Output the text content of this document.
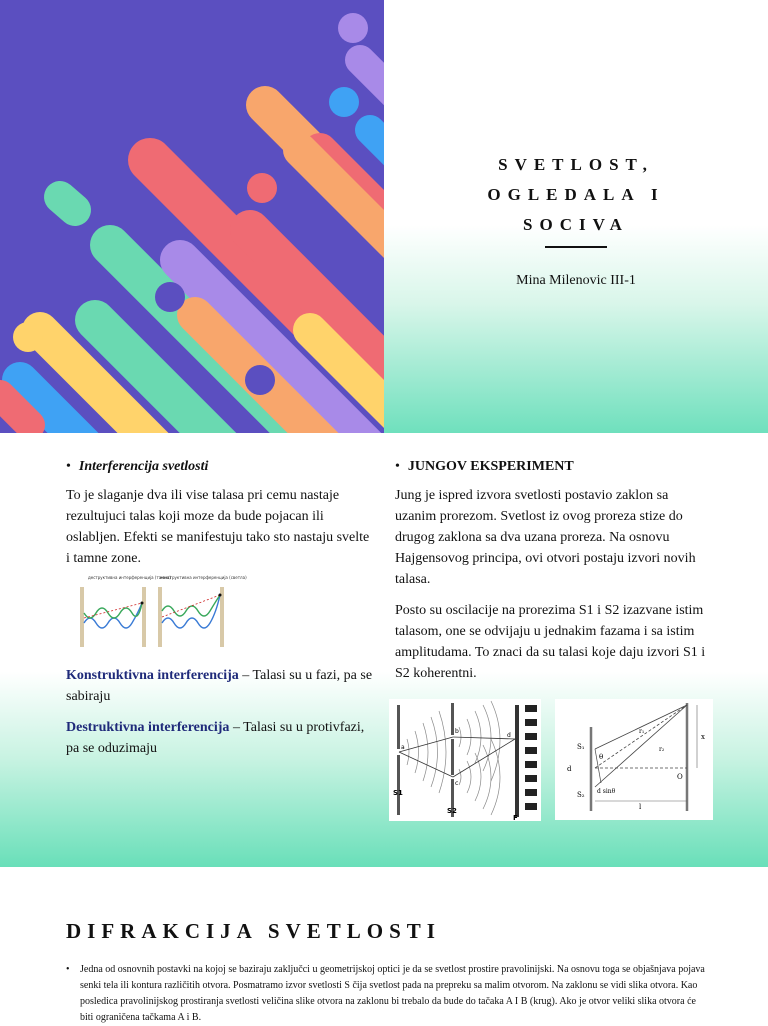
SVETLOST,
OGLEDALA I
SOCIVA
Mina Milenovic III-1
• Interferencija svetlosti

To je slaganje dva ili vise talasa pri cemu nastaje rezultujuci talas koji moze da bude pojacan ili oslabljen. Efekti se manifestuju tako sto nastaju svelte i tamne zone.

деструктивна интерференција (тамна)
конструктивна интерференција (светла)

Konstruktivna interferencija – Talasi su u fazi, pa se sabiraju

Destruktivna interferencija – Talasi su u protivfazi, pa se oduzimaju

• JUNGOV EKSPERIMENT

Jung je ispred izvora svetlosti postavio zaklon sa uzanim prorezom. Svetlost iz ovog proreza stize do drugog zaklona sa dva uzana proreza. Na osnovu Hajgensovog principa, ovi otvori postaju izvori novih talasa.

Posto su oscilacije na prorezima S1 i S2 izazvane istim talasom, one se odvijaju u jednakim fazama i sa istim amplitudama. To znaci da su talasi koje daju izvori S1 i S2 koherentni.

a
b
c
d
S1
S2
F
S₁
S₂
d
θ
d sinθ
r₁
r₂
O
x
l
DIFRAKCIJA SVETLOSTI
• Jedna od osnovnih postavki na kojoj se baziraju zaključci u geometrijskoj optici je da se svetlost prostire pravolinijski. Na osnovu toga se objašnjava pojava senki tela ili kontura različitih otvora. Posmatramo izvor svetlosti S čija svetlost pada na prepreku sa malim otvorom. Na zaklonu se vidi slika otvora. Kao posledica pravolinijskog prostiranja svetlosti veličina slike otvora na zaklonu bi trebalo da bude do tačaka A I B (krug). Ako je otvor veliki slika otvora će biti ograničena tačkama A i B.
